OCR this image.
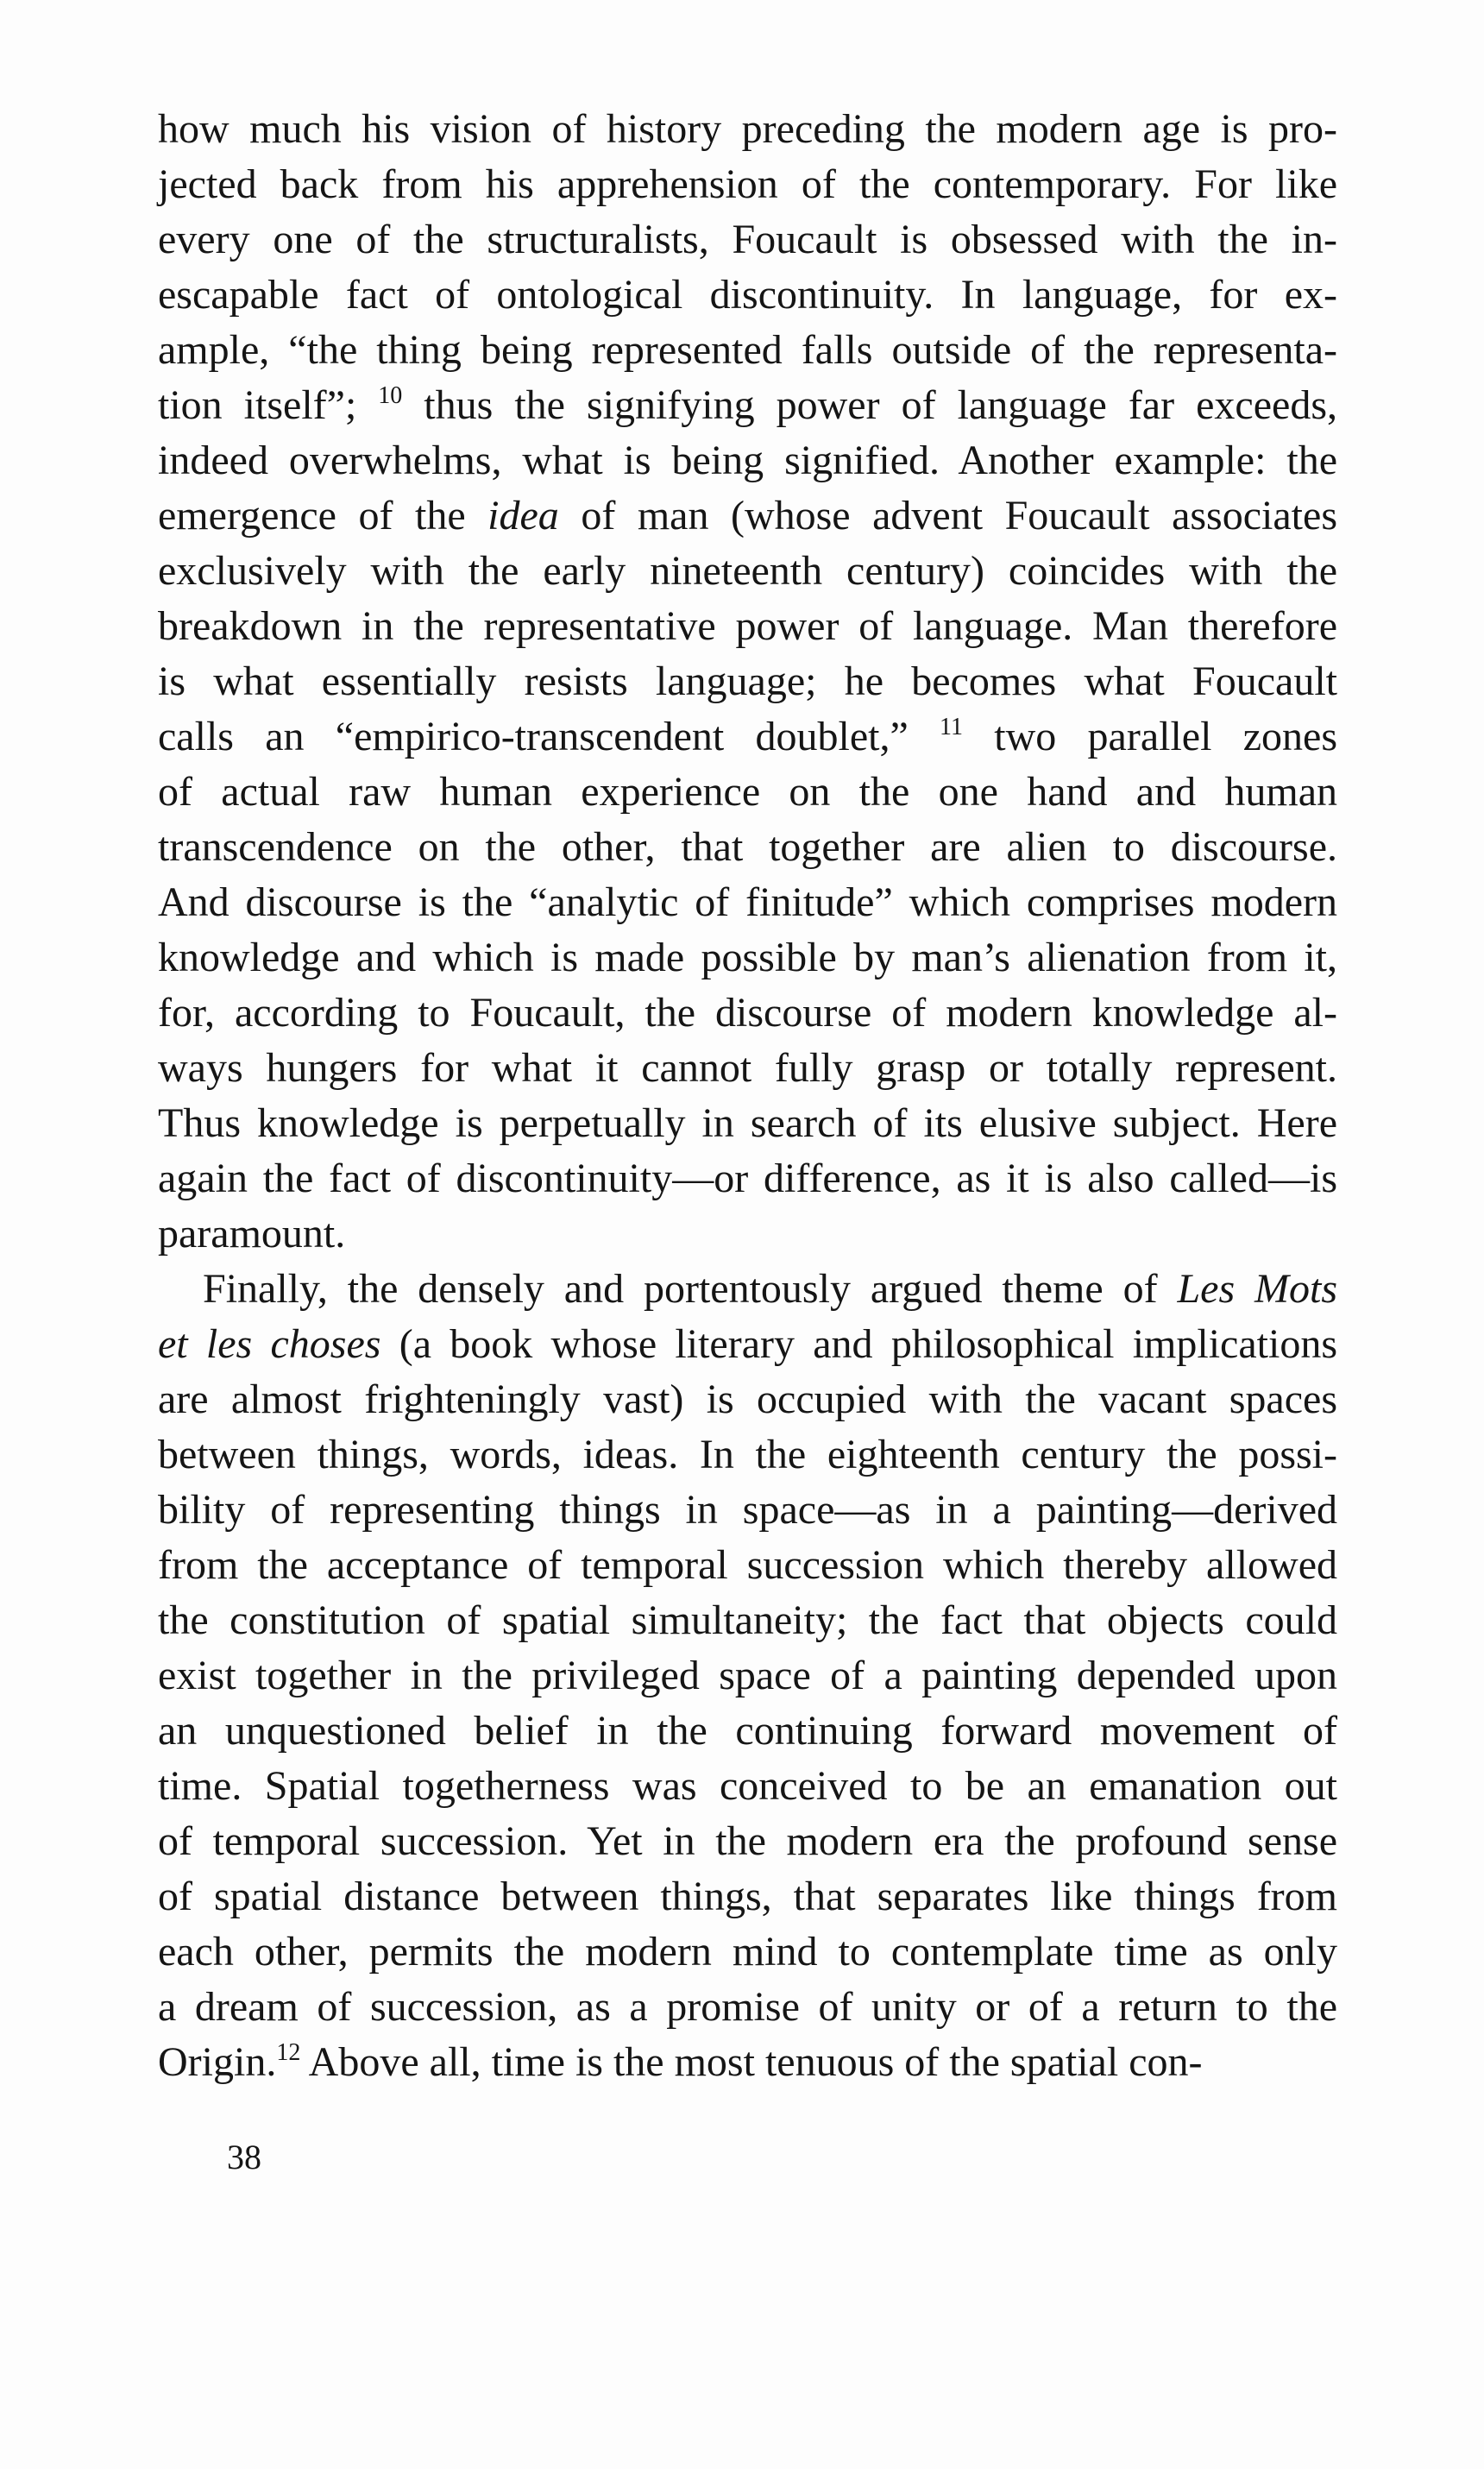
how much his vision of history preceding the modern age is pro-
jected back from his apprehension of the contemporary. For like
every one of the structuralists, Foucault is obsessed with the in-
escapable fact of ontological discontinuity. In language, for ex-
ample, “the thing being represented falls outside of the representa-
tion itself”; $^{10}$ thus the signifying power of language far exceeds,
indeed overwhelms, what is being signified. Another example: the
emergence of the idea of man (whose advent Foucault associates
exclusively with the early nineteenth century) coincides with the
breakdown in the representative power of language. Man therefore
is what essentially resists language; he becomes what Foucault
calls an “empirico-transcendent doublet,” $^{11}$ two parallel zones
of actual raw human experience on the one hand and human
transcendence on the other, that together are alien to discourse.
And discourse is the “analytic of finitude” which comprises modern
knowledge and which is made possible by man’s alienation from it,
for, according to Foucault, the discourse of modern knowledge al-
ways hungers for what it cannot fully grasp or totally represent.
Thus knowledge is perpetually in search of its elusive subject. Here
again the fact of discontinuity—or difference, as it is also called—is
paramount.

Finally, the densely and portentously argued theme of Les Mots
et les choses (a book whose literary and philosophical implications
are almost frighteningly vast) is occupied with the vacant spaces
between things, words, ideas. In the eighteenth century the possi-
bility of representing things in space—as in a painting—derived
from the acceptance of temporal succession which thereby allowed
the constitution of spatial simultaneity; the fact that objects could
exist together in the privileged space of a painting depended upon
an unquestioned belief in the continuing forward movement of
time. Spatial togetherness was conceived to be an emanation out
of temporal succession. Yet in the modern era the profound sense
of spatial distance between things, that separates like things from
each other, permits the modern mind to contemplate time as only
a dream of succession, as a promise of unity or of a return to the
Origin.$^{12}$ Above all, time is the most tenuous of the spatial con-

38
